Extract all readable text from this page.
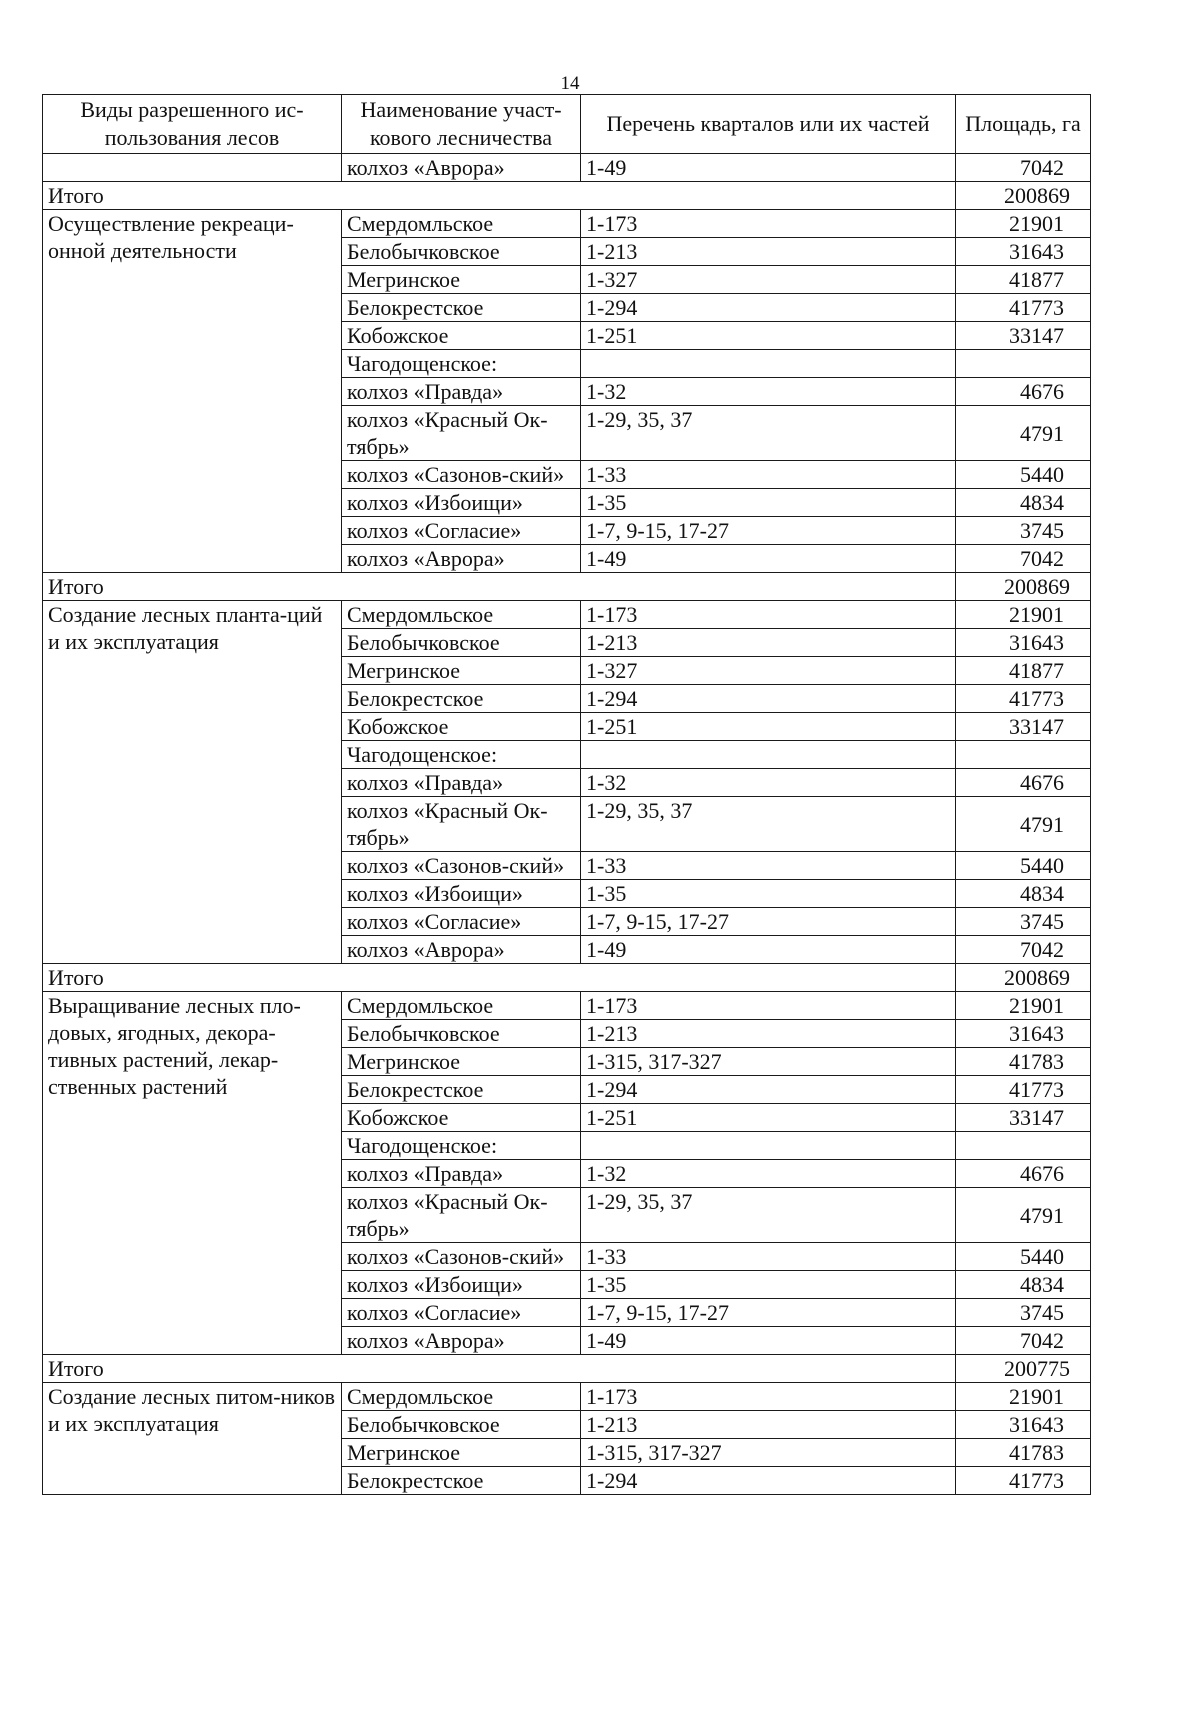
14
Виды разрешенного ис-пользования лесов	Наименование участ-кового лесничества	Перечень кварталов или их частей	Площадь, га
	колхоз «Аврора»	1-49	7042
Итого			200869
Осуществление рекреаци-онной деятельности	Смердомльское	1-173	21901
	Белобычковское	1-213	31643
	Мегринское	1-327	41877
	Белокрестское	1-294	41773
	Кобожское	1-251	33147
	Чагодощенское:		
	колхоз «Правда»	1-32	4676
	колхоз «Красный Ок-тябрь»	1-29, 35, 37	4791
	колхоз «Сазонов-ский»	1-33	5440
	колхоз «Избоищи»	1-35	4834
	колхоз «Согласие»	1-7, 9-15, 17-27	3745
	колхоз «Аврора»	1-49	7042
Итого			200869
Создание лесных планта-ций и их эксплуатация	Смердомльское	1-173	21901
	Белобычковское	1-213	31643
	Мегринское	1-327	41877
	Белокрестское	1-294	41773
	Кобожское	1-251	33147
	Чагодощенское:		
	колхоз «Правда»	1-32	4676
	колхоз «Красный Ок-тябрь»	1-29, 35, 37	4791
	колхоз «Сазонов-ский»	1-33	5440
	колхоз «Избоищи»	1-35	4834
	колхоз «Согласие»	1-7, 9-15, 17-27	3745
	колхоз «Аврора»	1-49	7042
Итого			200869
Выращивание лесных пло-довых, ягодных, декора-тивных растений, лекар-ственных растений	Смердомльское	1-173	21901
	Белобычковское	1-213	31643
	Мегринское	1-315, 317-327	41783
	Белокрестское	1-294	41773
	Кобожское	1-251	33147
	Чагодощенское:		
	колхоз «Правда»	1-32	4676
	колхоз «Красный Ок-тябрь»	1-29, 35, 37	4791
	колхоз «Сазонов-ский»	1-33	5440
	колхоз «Избоищи»	1-35	4834
	колхоз «Согласие»	1-7, 9-15, 17-27	3745
	колхоз «Аврора»	1-49	7042
Итого			200775
Создание лесных питом-ников и их эксплуатация	Смердомльское	1-173	21901
	Белобычковское	1-213	31643
	Мегринское	1-315, 317-327	41783
	Белокрестское	1-294	41773
